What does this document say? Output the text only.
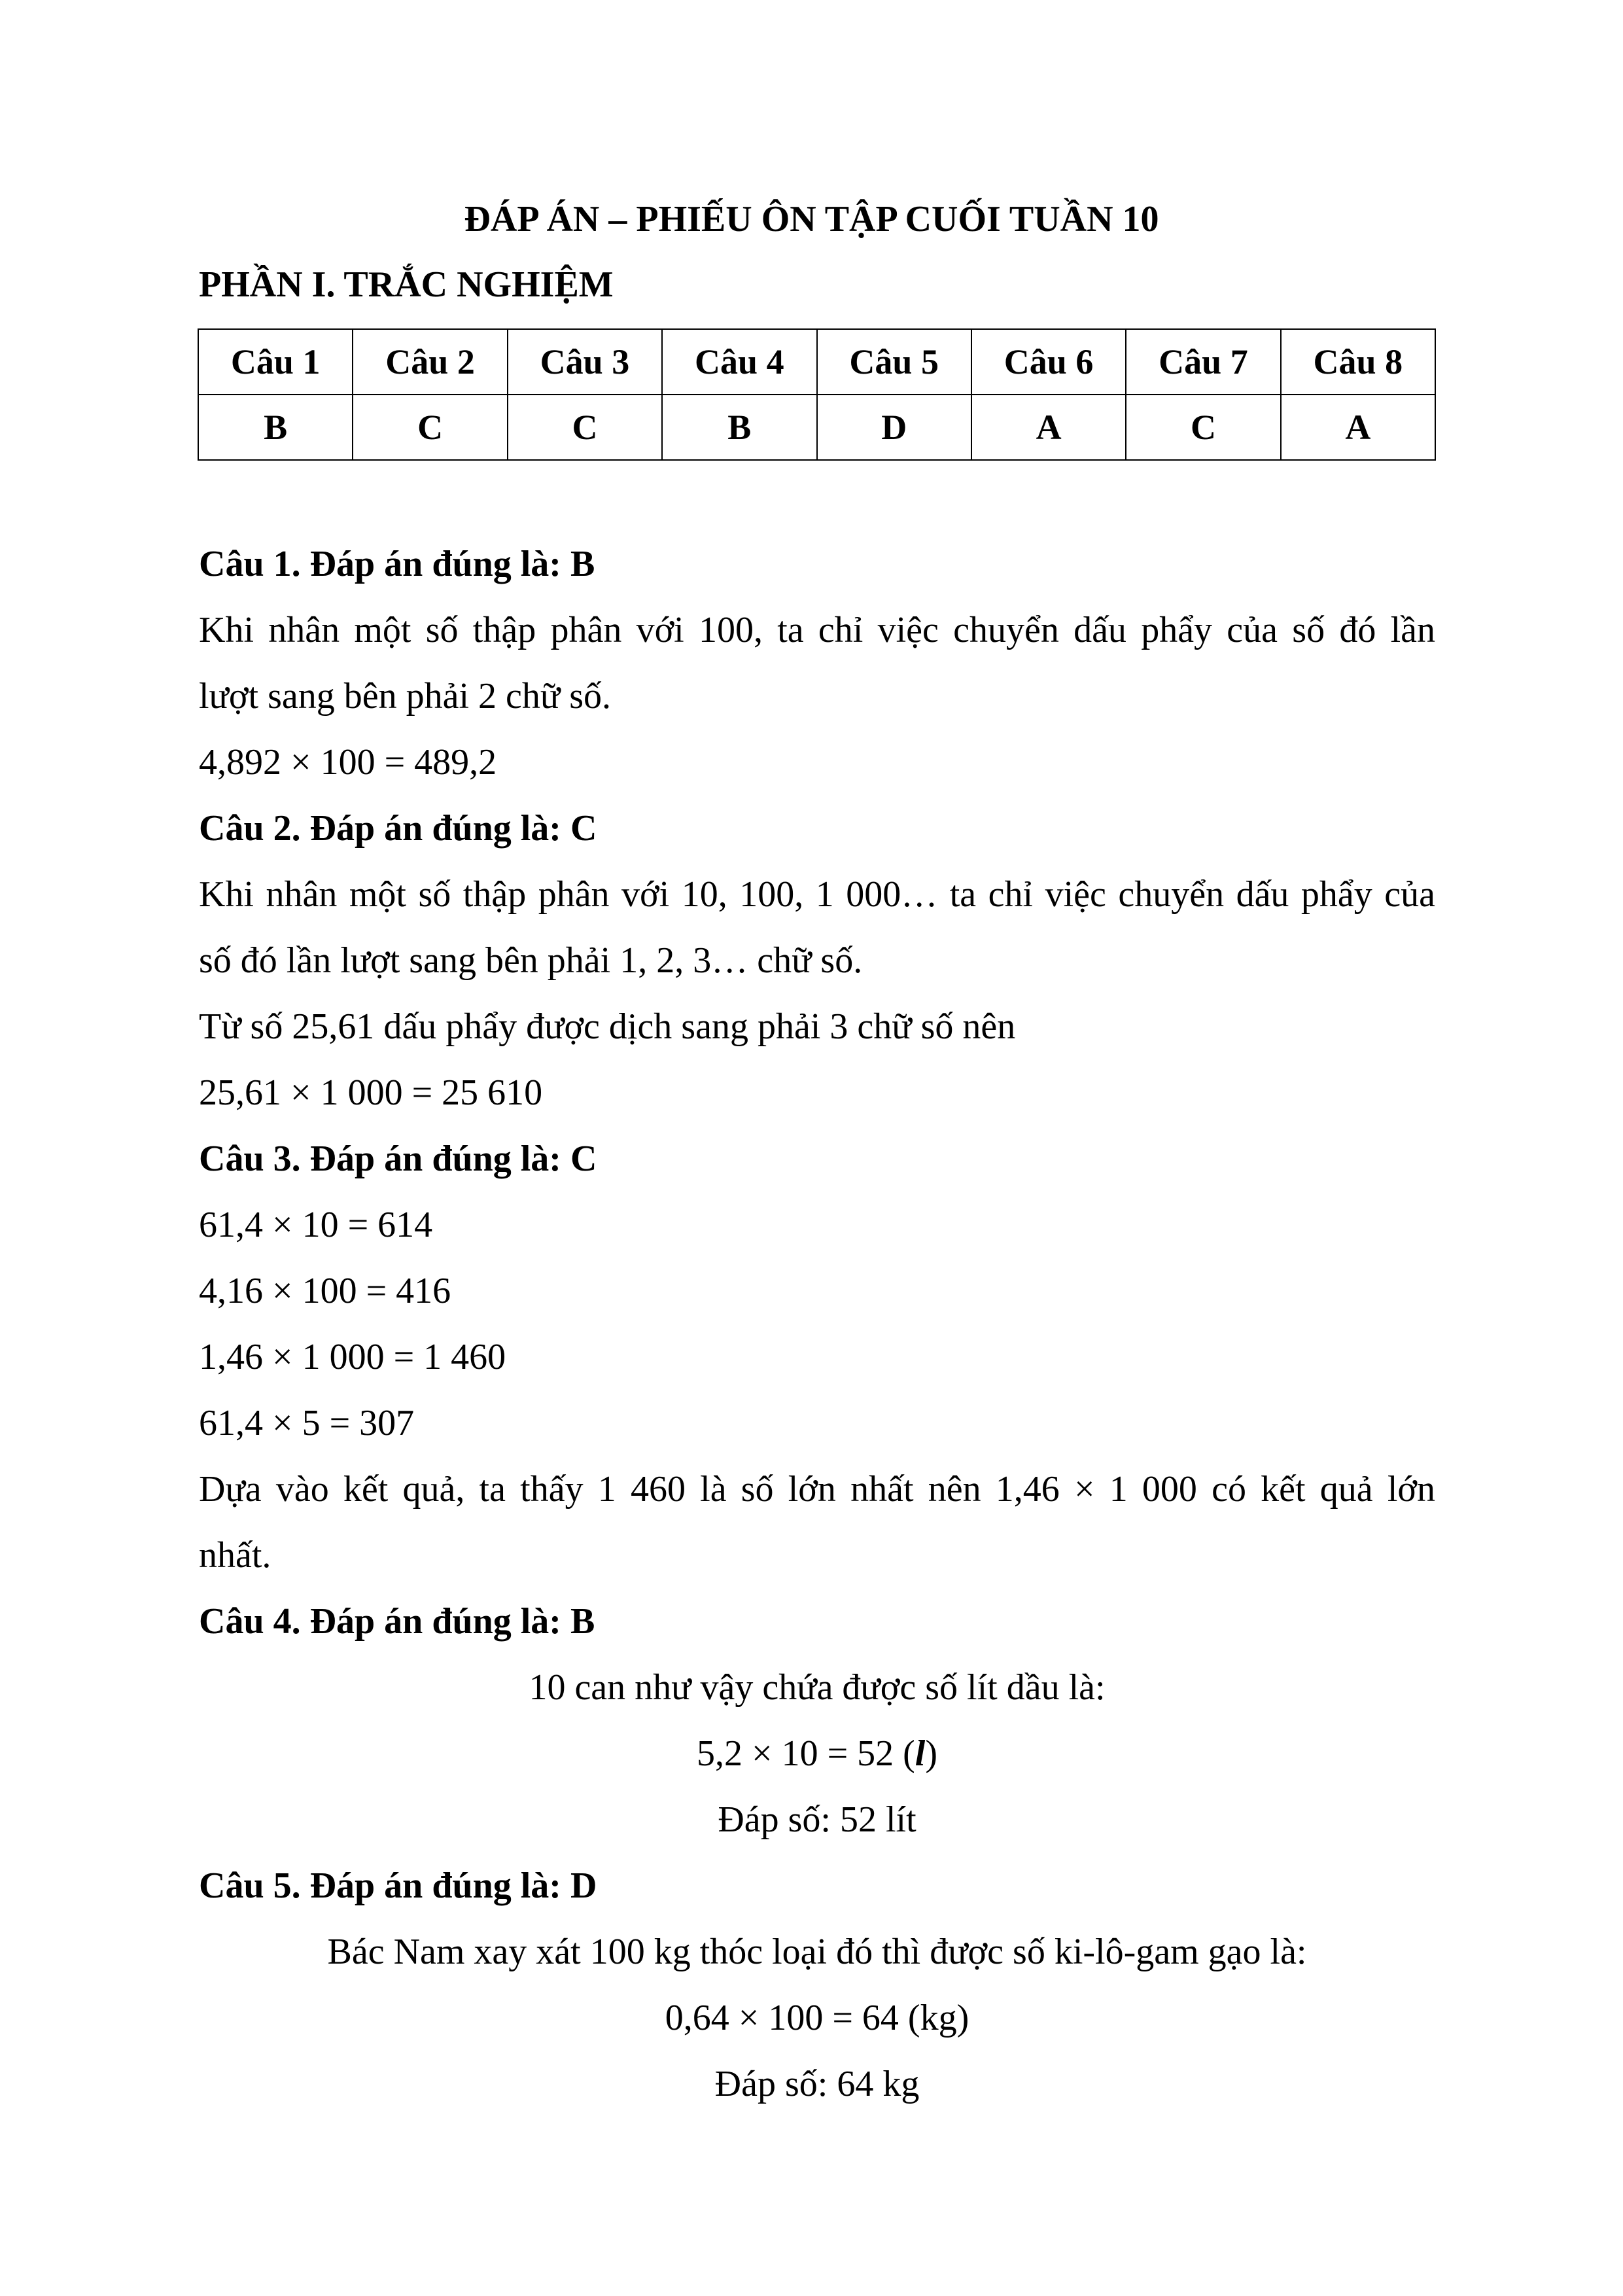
ĐÁP ÁN – PHIẾU ÔN TẬP CUỐI TUẦN 10
PHẦN I. TRẮC NGHIỆM
Câu 1	Câu 2	Câu 3	Câu 4	Câu 5	Câu 6	Câu 7	Câu 8
B	C	C	B	D	A	C	A
Câu 1. Đáp án đúng là: B
Khi nhân một số thập phân với 100, ta chỉ việc chuyển dấu phẩy của số đó lần
lượt sang bên phải 2 chữ số.
4,892 × 100 = 489,2
Câu 2. Đáp án đúng là: C
Khi nhân một số thập phân với 10, 100, 1 000… ta chỉ việc chuyển dấu phẩy của
số đó lần lượt sang bên phải 1, 2, 3… chữ số.
Từ số 25,61 dấu phẩy được dịch sang phải 3 chữ số nên
25,61 × 1 000 = 25 610
Câu 3. Đáp án đúng là: C
61,4 × 10 = 614
4,16 × 100 = 416
1,46 × 1 000 = 1 460
61,4 × 5 = 307
Dựa vào kết quả, ta thấy 1 460 là số lớn nhất nên 1,46 × 1 000 có kết quả lớn
nhất.
Câu 4. Đáp án đúng là: B
10 can như vậy chứa được số lít dầu là:
5,2 × 10 = 52 (l)
Đáp số: 52 lít
Câu 5. Đáp án đúng là: D
Bác Nam xay xát 100 kg thóc loại đó thì được số ki-lô-gam gạo là:
0,64 × 100 = 64 (kg)
Đáp số: 64 kg
